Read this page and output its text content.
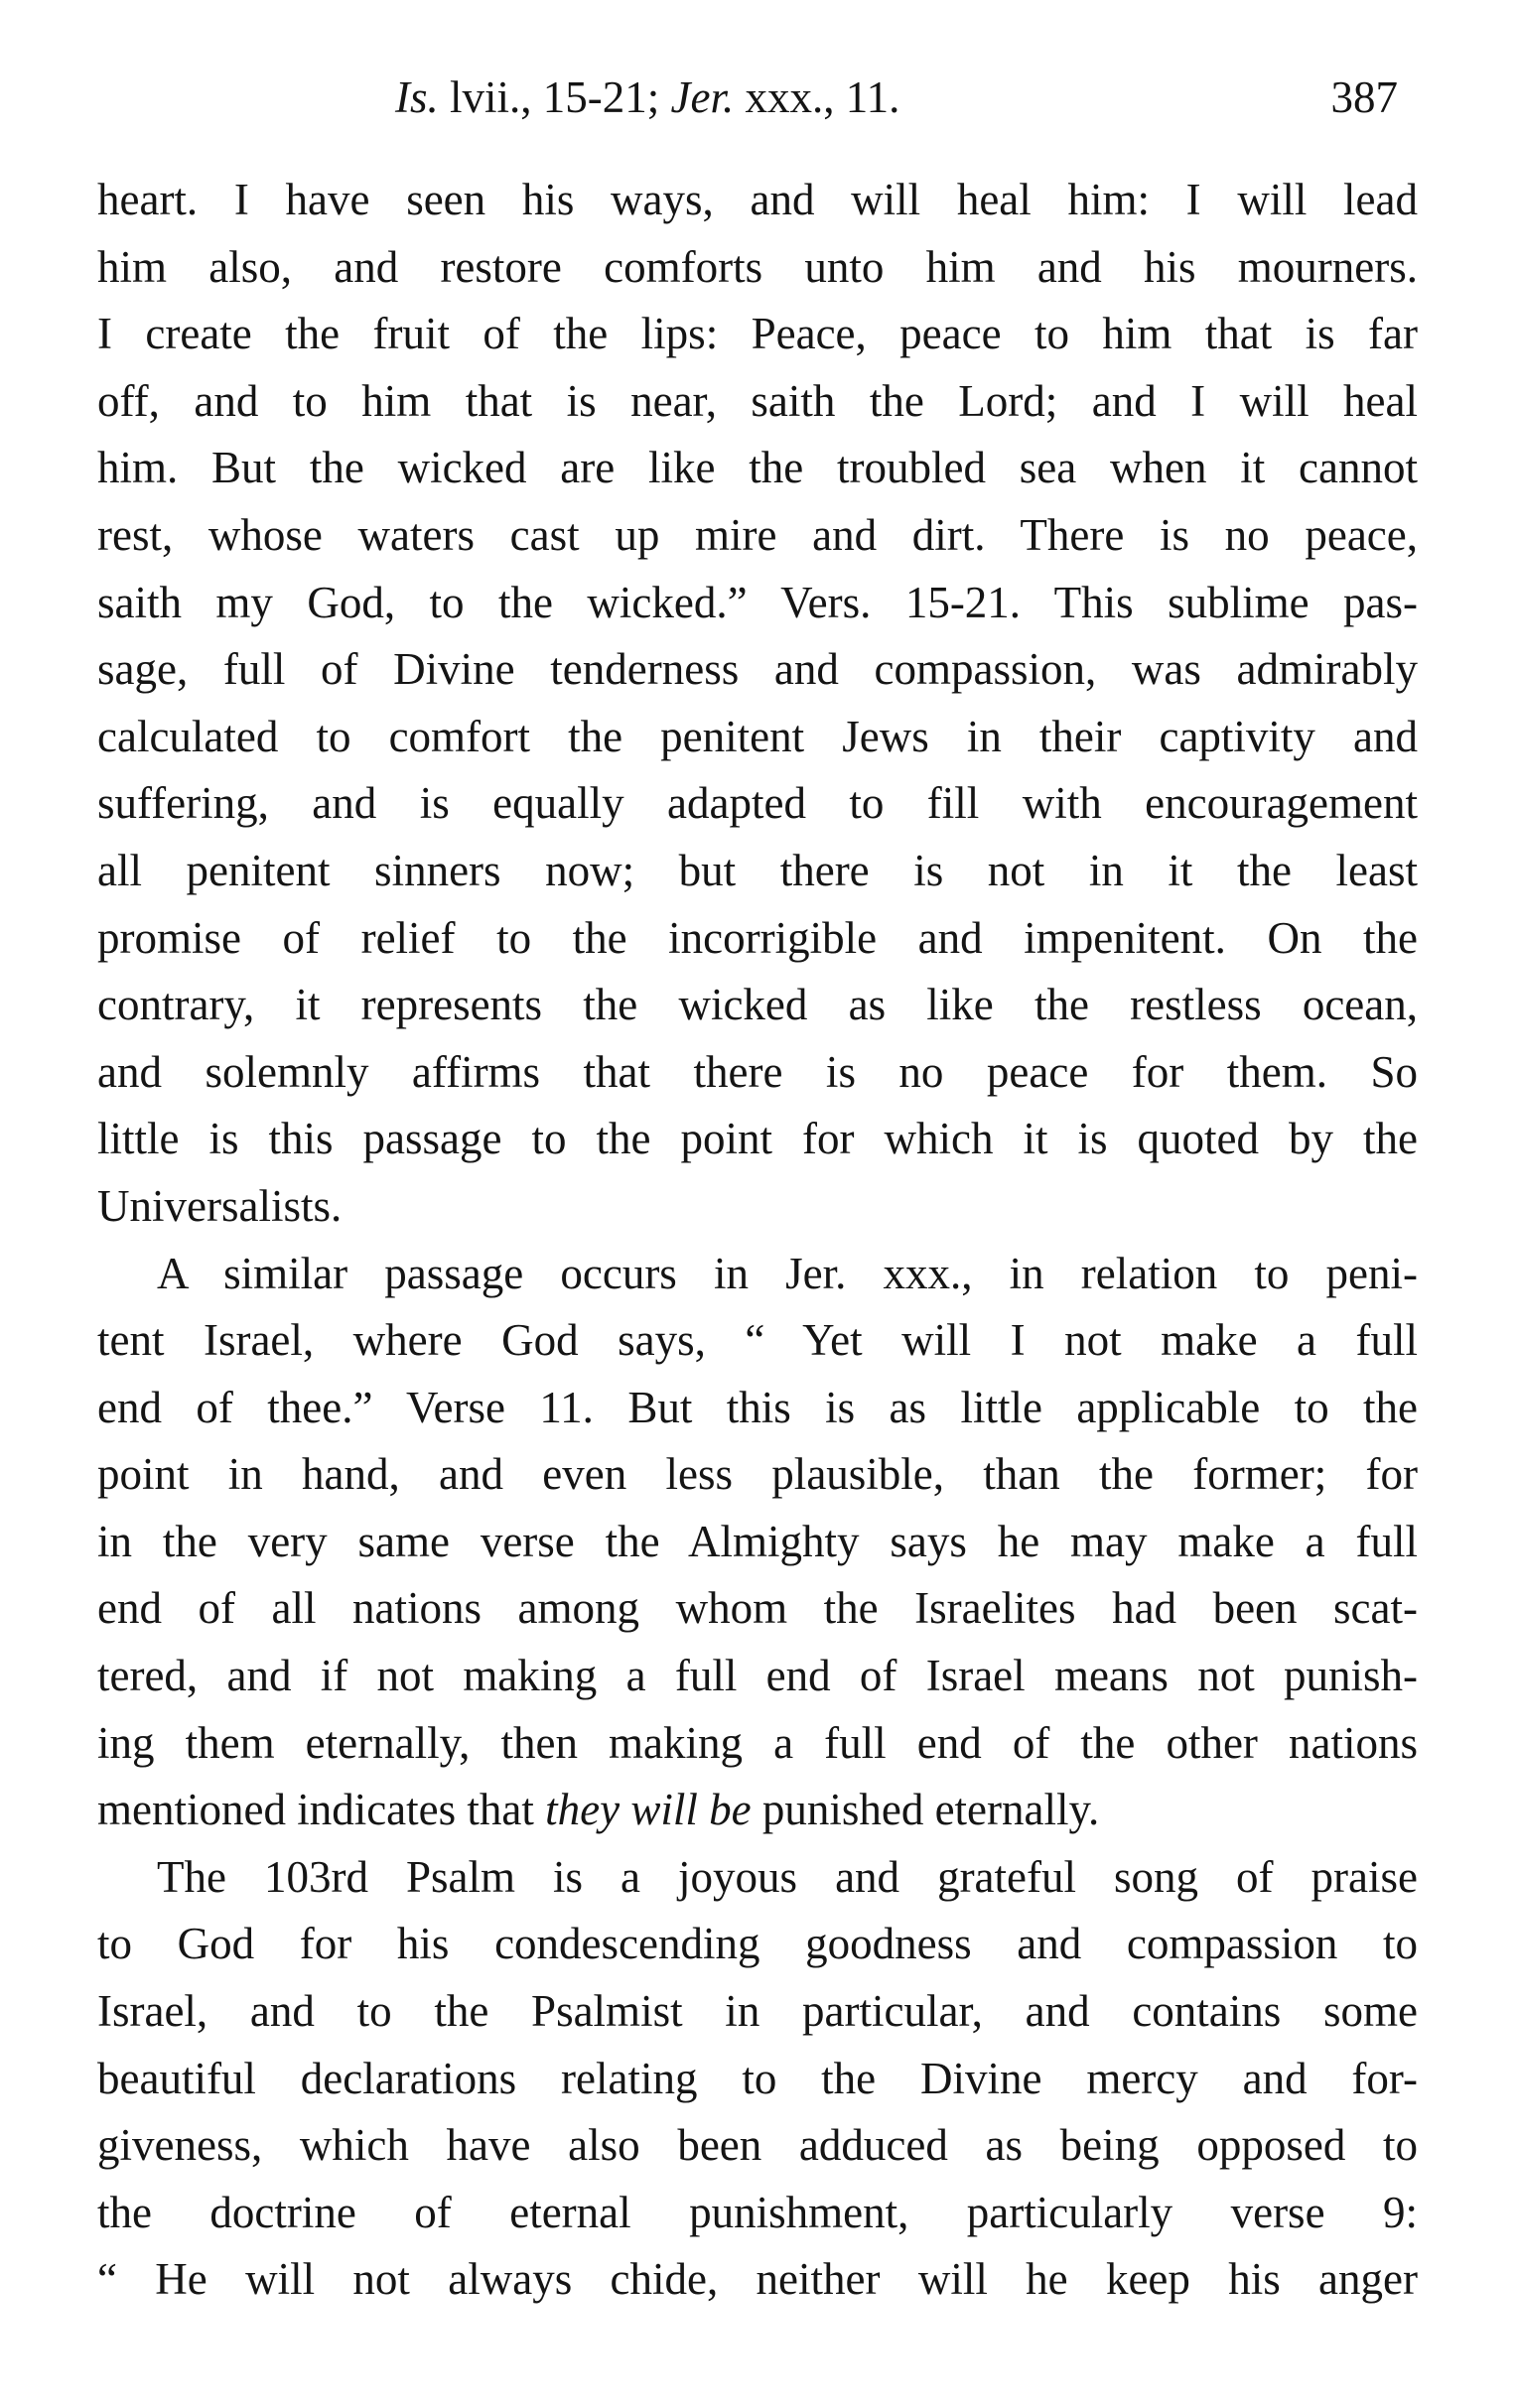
Is. lvii., 15-21; Jer. xxx., 11.	387

heart. I have seen his ways, and will heal him: I will lead
him also, and restore comforts unto him and his mourners.
I create the fruit of the lips: Peace, peace to him that is far
off, and to him that is near, saith the Lord; and I will heal
him. But the wicked are like the troubled sea when it cannot
rest, whose waters cast up mire and dirt. There is no peace,
saith my God, to the wicked.” Vers. 15-21. This sublime pas-
sage, full of Divine tenderness and compassion, was admirably
calculated to comfort the penitent Jews in their captivity and
suffering, and is equally adapted to fill with encouragement
all penitent sinners now; but there is not in it the least
promise of relief to the incorrigible and impenitent. On the
contrary, it represents the wicked as like the restless ocean,
and solemnly affirms that there is no peace for them. So
little is this passage to the point for which it is quoted by the
Universalists.

A similar passage occurs in Jer. xxx., in relation to peni-
tent Israel, where God says, “ Yet will I not make a full
end of thee.” Verse 11. But this is as little applicable to the
point in hand, and even less plausible, than the former; for
in the very same verse the Almighty says he may make a full
end of all nations among whom the Israelites had been scat-
tered, and if not making a full end of Israel means not punish-
ing them eternally, then making a full end of the other nations
mentioned indicates that they will be punished eternally.

The 103rd Psalm is a joyous and grateful song of praise
to God for his condescending goodness and compassion to
Israel, and to the Psalmist in particular, and contains some
beautiful declarations relating to the Divine mercy and for-
giveness, which have also been adduced as being opposed to
the doctrine of eternal punishment, particularly verse 9:
“ He will not always chide, neither will he keep his anger
